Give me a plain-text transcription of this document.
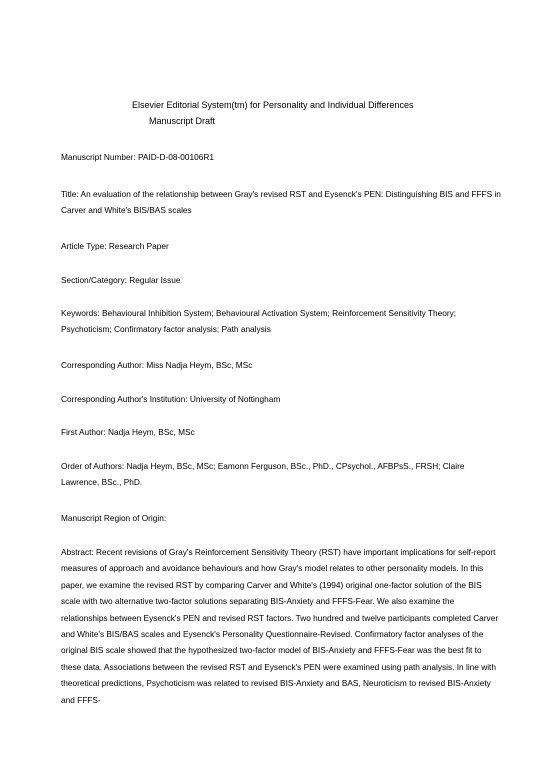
Elsevier Editorial System(tm) for Personality and Individual Differences
Manuscript Draft
Manuscript Number: PAID-D-08-00106R1
Title: An evaluation of the relationship between Gray's revised RST and Eysenck's PEN: Distinguishing BIS and FFFS in Carver and White's BIS/BAS scales
Article Type: Research Paper
Section/Category: Regular Issue
Keywords: Behavioural Inhibition System; Behavioural Activation System; Reinforcement Sensitivity Theory; Psychoticism; Confirmatory factor analysis; Path analysis
Corresponding Author: Miss Nadja Heym, BSc, MSc
Corresponding Author's Institution: University of Nottingham
First Author: Nadja Heym, BSc, MSc
Order of Authors: Nadja Heym, BSc, MSc; Eamonn Ferguson, BSc., PhD., CPsychol., AFBPsS., FRSH; Claire Lawrence, BSc., PhD.
Manuscript Region of Origin:
Abstract: Recent revisions of Gray's Reinforcement Sensitivity Theory (RST) have important implications for self-report measures of approach and avoidance behaviours and how Gray's model relates to other personality models. In this paper, we examine the revised RST by comparing Carver and White's (1994) original one-factor solution of the BIS scale with two alternative two-factor solutions separating BIS-Anxiety and FFFS-Fear. We also examine the relationships between Eysenck's PEN and revised RST factors. Two hundred and twelve participants completed Carver and White's BIS/BAS scales and Eysenck's Personality Questionnaire-Revised. Confirmatory factor analyses of the original BIS scale showed that the hypothesized two-factor model of BIS-Anxiety and FFFS-Fear was the best fit to these data. Associations between the revised RST and Eysenck's PEN were examined using path analysis. In line with theoretical predictions, Psychoticism was related to revised BIS-Anxiety and BAS, Neuroticism to revised BIS-Anxiety and FFFS-
